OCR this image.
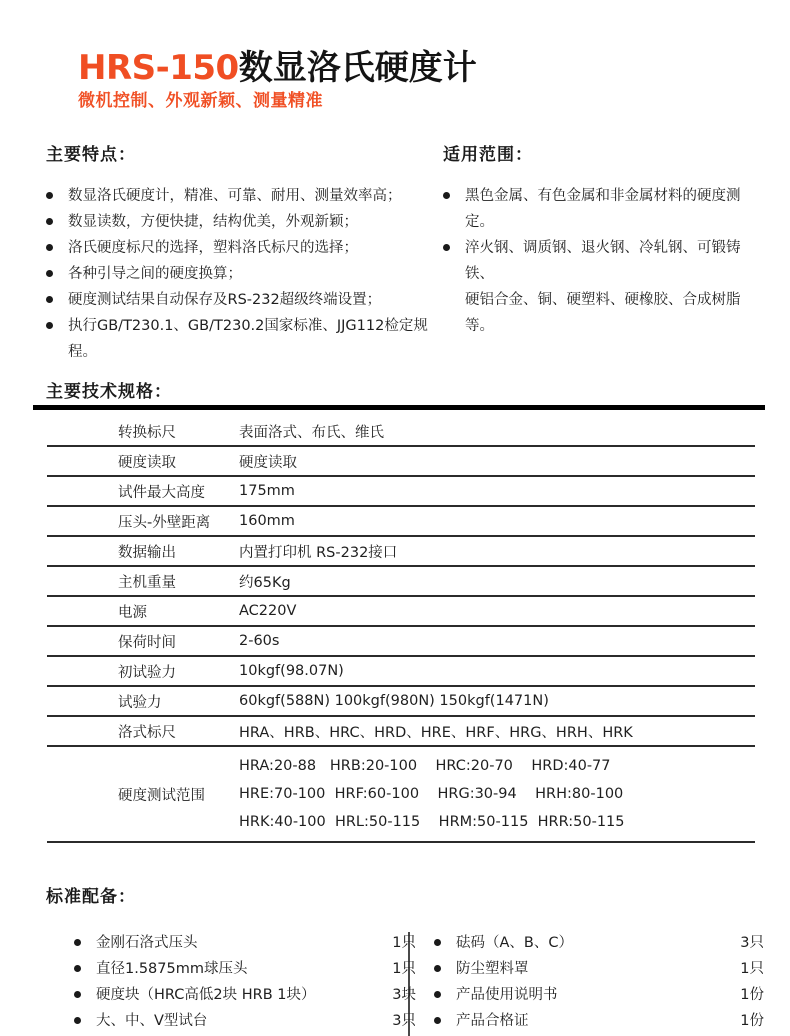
HRS-150数显洛氏硬度计
微机控制、外观新颖、测量精准
主要特点：	适用范围：
数显洛氏硬度计，精准、可靠、耐用、测量效率高；
数显读数，方便快捷，结构优美，外观新颖；
洛氏硬度标尺的选择，塑料洛氏标尺的选择；
各种引导之间的硬度换算；
硬度测试结果自动保存及RS-232超级终端设置；
执行GB/T230.1、GB/T230.2国家标准、JJG112检定规程。
黑色金属、有色金属和非金属材料的硬度测定。
淬火钢、调质钢、退火钢、冷轧钢、可锻铸铁、
硬铝合金、铜、硬塑料、硬橡胶、合成树脂等。
主要技术规格：
转换标尺	表面洛式、布氏、维氏
硬度读取	硬度读取
试件最大高度	175mm
压头-外壁距离	160mm
数据输出	内置打印机 RS-232接口
主机重量	约65Kg
电源	AC220V
保荷时间	2-60s
初试验力	10kgf(98.07N)
试验力	60kgf(588N) 100kgf(980N) 150kgf(1471N)
洛式标尺	HRA、HRB、HRC、HRD、HRE、HRF、HRG、HRH、HRK
硬度测试范围	HRA:20-88   HRB:20-100    HRC:20-70    HRD:40-77
HRE:70-100  HRF:60-100    HRG:30-94    HRH:80-100
HRK:40-100  HRL:50-115    HRM:50-115  HRR:50-115
标准配备：
金刚石洛式压头	1只
直径1.5875mm球压头	1只
硬度块（HRC高低2块 HRB 1块）	3块
大、中、V型试台	3只
砝码（A、B、C）	3只
防尘塑料罩	1只
产品使用说明书	1份
产品合格证	1份
